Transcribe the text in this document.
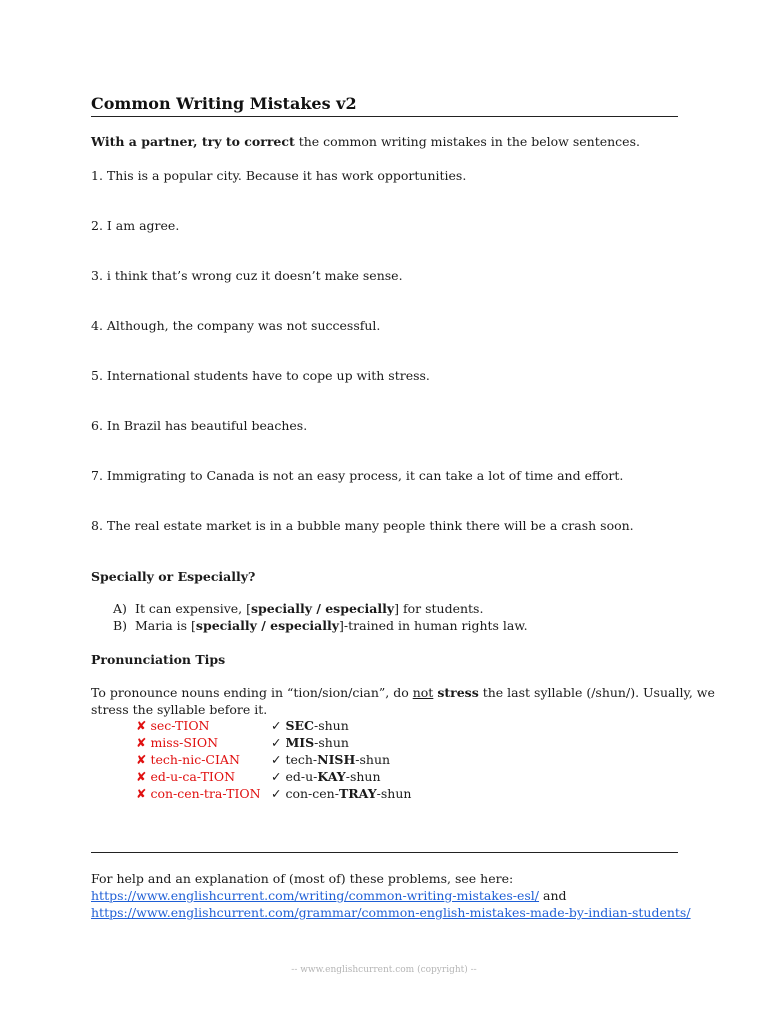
Common Writing Mistakes v2
With a partner, try to correct the common writing mistakes in the below sentences.
1. This is a popular city. Because it has work opportunities.
2. I am agree.
3. i think that’s wrong cuz it doesn’t make sense.
4. Although, the company was not successful.
5. International students have to cope up with stress.
6. In Brazil has beautiful beaches.
7. Immigrating to Canada is not an easy process, it can take a lot of time and effort.
8. The real estate market is in a bubble many people think there will be a crash soon.
Specially or Especially?
A) It can expensive, [specially / especially] for students.
B) Maria is [specially / especially]-trained in human rights law.
Pronunciation Tips
To pronounce nouns ending in “tion/sion/cian”, do not stress the last syllable (/shun/). Usually, we
stress the syllable before it.
✘ sec-TION	✓ SEC-shun
✘ miss-SION	✓ MIS-shun
✘ tech-nic-CIAN ✓ tech-NISH-shun
✘ ed-u-ca-TION	✓ ed-u-KAY-shun
✘ con-cen-tra-TION ✓ con-cen-TRAY-shun
For help and an explanation of (most of) these problems, see here:
https://www.englishcurrent.com/writing/common-writing-mistakes-esl/ and
https://www.englishcurrent.com/grammar/common-english-mistakes-made-by-indian-students/
-- www.englishcurrent.com (copyright) --
